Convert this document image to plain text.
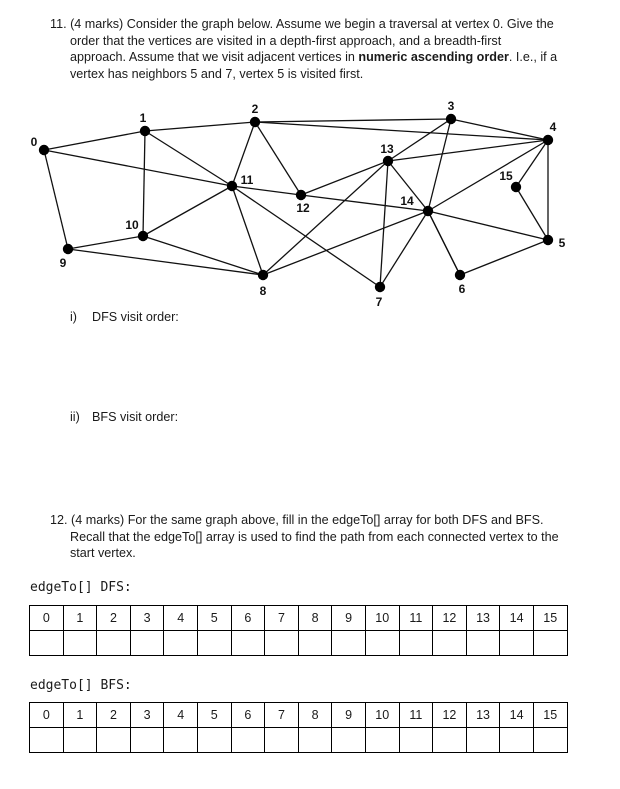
11. (4 marks) Consider the graph below. Assume we begin a traversal at vertex 0. Give the
order that the vertices are visited in a depth-first approach, and a breadth-first
approach. Assume that we visit adjacent vertices in numeric ascending order. I.e., if a
vertex has neighbors 5 and 7, vertex 5 is visited first.
0
1
2	3
4
5
6
7
8
9
10
11
12
13
14
15
i) DFS visit order:
ii) BFS visit order:
12. (4 marks) For the same graph above, fill in the edgeTo[] array for both DFS and BFS.
Recall that the edgeTo[] array is used to find the path from each connected vertex to the
start vertex.
edgeTo[] DFS:
0	1	2	3	4	5	6	7	8	9	10	11	12	13	14	15

edgeTo[] BFS:
0	1	2	3	4	5	6	7	8	9	10	11	12	13	14	15
